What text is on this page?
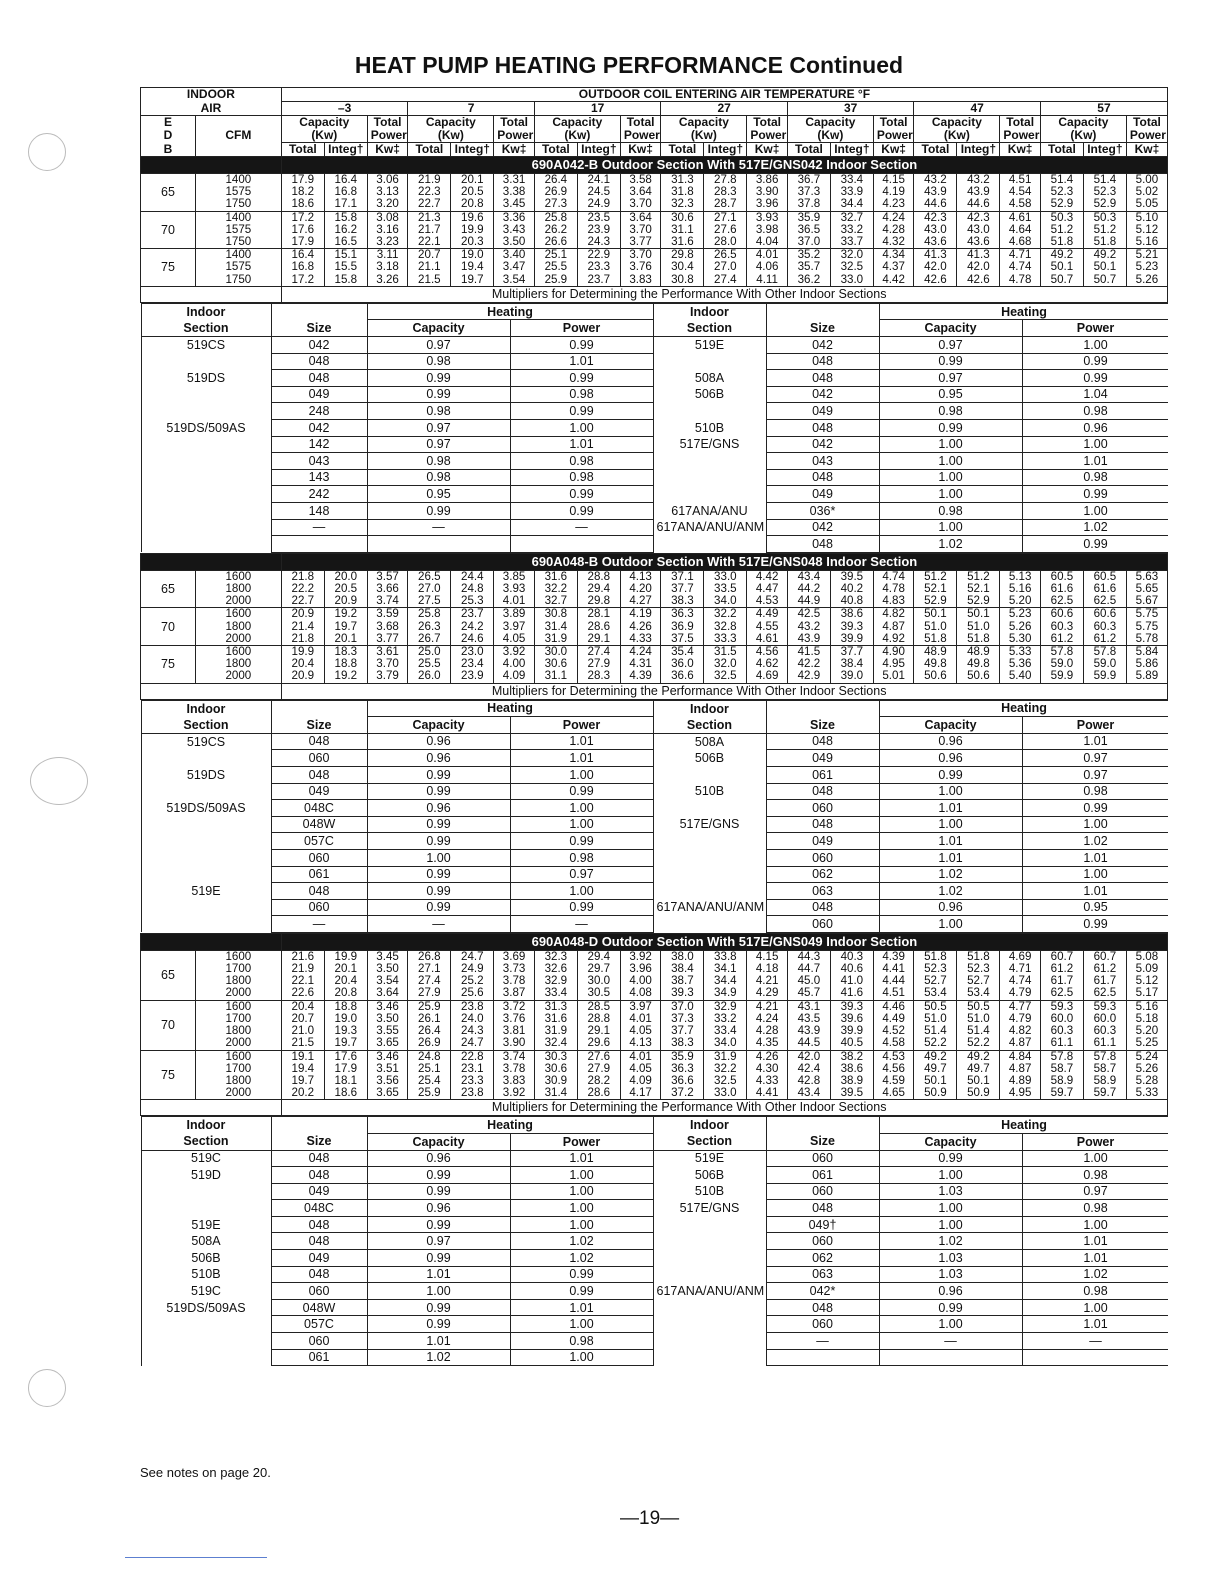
HEAT PUMP HEATING PERFORMANCE Continued
INDOOR	OUTDOOR COIL ENTERING AIR TEMPERATURE °F
AIR	–3	7	17	27	37	47	57
E		Capacity	Total	Capacity	Total	Capacity	Total	Capacity	Total	Capacity	Total	Capacity	Total	Capacity	Total
D	CFM	(Kw)	Power	(Kw)	Power	(Kw)	Power	(Kw)	Power	(Kw)	Power	(Kw)	Power	(Kw)	Power
B		Total	Integ†	Kw‡	Total	Integ†	Kw‡	Total	Integ†	Kw‡	Total	Integ†	Kw‡	Total	Integ†	Kw‡	Total	Integ†	Kw‡	Total	Integ†	Kw‡
	690A042-B Outdoor Section With 517E/GNS042 Indoor Section
65	1400	17.9	16.4	3.06	21.9	20.1	3.31	26.4	24.1	3.58	31.3	27.8	3.86	36.7	33.4	4.15	43.2	43.2	4.51	51.4	51.4	5.00
1575	18.2	16.8	3.13	22.3	20.5	3.38	26.9	24.5	3.64	31.8	28.3	3.90	37.3	33.9	4.19	43.9	43.9	4.54	52.3	52.3	5.02
1750	18.6	17.1	3.20	22.7	20.8	3.45	27.3	24.9	3.70	32.3	28.7	3.96	37.8	34.4	4.23	44.6	44.6	4.58	52.9	52.9	5.05
70	1400	17.2	15.8	3.08	21.3	19.6	3.36	25.8	23.5	3.64	30.6	27.1	3.93	35.9	32.7	4.24	42.3	42.3	4.61	50.3	50.3	5.10
1575	17.6	16.2	3.16	21.7	19.9	3.43	26.2	23.9	3.70	31.1	27.6	3.98	36.5	33.2	4.28	43.0	43.0	4.64	51.2	51.2	5.12
1750	17.9	16.5	3.23	22.1	20.3	3.50	26.6	24.3	3.77	31.6	28.0	4.04	37.0	33.7	4.32	43.6	43.6	4.68	51.8	51.8	5.16
75	1400	16.4	15.1	3.11	20.7	19.0	3.40	25.1	22.9	3.70	29.8	26.5	4.01	35.2	32.0	4.34	41.3	41.3	4.71	49.2	49.2	5.21
1575	16.8	15.5	3.18	21.1	19.4	3.47	25.5	23.3	3.76	30.4	27.0	4.06	35.7	32.5	4.37	42.0	42.0	4.74	50.1	50.1	5.23
1750	17.2	15.8	3.26	21.5	19.7	3.54	25.9	23.7	3.83	30.8	27.4	4.11	36.2	33.0	4.42	42.6	42.6	4.78	50.7	50.7	5.26
	Multipliers for Determining the Performance With Other Indoor Sections

Indoor		Heating	Indoor		Heating
Section	Size	Capacity	Power	Section	Size	Capacity	Power
519CS	042	0.97	0.99	519E	042	0.97	1.00
	048	0.98	1.01		048	0.99	0.99
519DS	048	0.99	0.99	508A	048	0.97	0.99
	049	0.99	0.98	506B	042	0.95	1.04
	248	0.98	0.99		049	0.98	0.98
519DS/509AS	042	0.97	1.00	510B	048	0.99	0.96
	142	0.97	1.01	517E/GNS	042	1.00	1.00
	043	0.98	0.98		043	1.00	1.01
	143	0.98	0.98		048	1.00	0.98
	242	0.95	0.99		049	1.00	0.99
	148	0.99	0.99	617ANA/ANU	036*	0.98	1.00
	—	—	—	617ANA/ANU/ANM	042	1.00	1.02
					048	1.02	0.99

	690A048-B Outdoor Section With 517E/GNS048 Indoor Section
65	1600	21.8	20.0	3.57	26.5	24.4	3.85	31.6	28.8	4.13	37.1	33.0	4.42	43.4	39.5	4.74	51.2	51.2	5.13	60.5	60.5	5.63
1800	22.2	20.5	3.66	27.0	24.8	3.93	32.2	29.4	4.20	37.7	33.5	4.47	44.2	40.2	4.78	52.1	52.1	5.16	61.6	61.6	5.65
2000	22.7	20.9	3.74	27.5	25.3	4.01	32.7	29.8	4.27	38.3	34.0	4.53	44.9	40.8	4.83	52.9	52.9	5.20	62.5	62.5	5.67
70	1600	20.9	19.2	3.59	25.8	23.7	3.89	30.8	28.1	4.19	36.3	32.2	4.49	42.5	38.6	4.82	50.1	50.1	5.23	60.6	60.6	5.75
1800	21.4	19.7	3.68	26.3	24.2	3.97	31.4	28.6	4.26	36.9	32.8	4.55	43.2	39.3	4.87	51.0	51.0	5.26	60.3	60.3	5.75
2000	21.8	20.1	3.77	26.7	24.6	4.05	31.9	29.1	4.33	37.5	33.3	4.61	43.9	39.9	4.92	51.8	51.8	5.30	61.2	61.2	5.78
75	1600	19.9	18.3	3.61	25.0	23.0	3.92	30.0	27.4	4.24	35.4	31.5	4.56	41.5	37.7	4.90	48.9	48.9	5.33	57.8	57.8	5.84
1800	20.4	18.8	3.70	25.5	23.4	4.00	30.6	27.9	4.31	36.0	32.0	4.62	42.2	38.4	4.95	49.8	49.8	5.36	59.0	59.0	5.86
2000	20.9	19.2	3.79	26.0	23.9	4.09	31.1	28.3	4.39	36.6	32.5	4.69	42.9	39.0	5.01	50.6	50.6	5.40	59.9	59.9	5.89
	Multipliers for Determining the Performance With Other Indoor Sections

Indoor		Heating	Indoor		Heating
Section	Size	Capacity	Power	Section	Size	Capacity	Power
519CS	048	0.96	1.01	508A	048	0.96	1.01
	060	0.96	1.01	506B	049	0.96	0.97
519DS	048	0.99	1.00		061	0.99	0.97
	049	0.99	0.99	510B	048	1.00	0.98
519DS/509AS	048C	0.96	1.00		060	1.01	0.99
	048W	0.99	1.00	517E/GNS	048	1.00	1.00
	057C	0.99	0.99		049	1.01	1.02
	060	1.00	0.98		060	1.01	1.01
	061	0.99	0.97		062	1.02	1.00
519E	048	0.99	1.00		063	1.02	1.01
	060	0.99	0.99	617ANA/ANU/ANM	048	0.96	0.95
	—	—	—		060	1.00	0.99

	690A048-D Outdoor Section With 517E/GNS049 Indoor Section
65	1600	21.6	19.9	3.45	26.8	24.7	3.69	32.3	29.4	3.92	38.0	33.8	4.15	44.3	40.3	4.39	51.8	51.8	4.69	60.7	60.7	5.08
1700	21.9	20.1	3.50	27.1	24.9	3.73	32.6	29.7	3.96	38.4	34.1	4.18	44.7	40.6	4.41	52.3	52.3	4.71	61.2	61.2	5.09
1800	22.1	20.4	3.54	27.4	25.2	3.78	32.9	30.0	4.00	38.7	34.4	4.21	45.0	41.0	4.44	52.7	52.7	4.74	61.7	61.7	5.12
2000	22.6	20.8	3.64	27.9	25.6	3.87	33.4	30.5	4.08	39.3	34.9	4.29	45.7	41.6	4.51	53.4	53.4	4.79	62.5	62.5	5.17
70	1600	20.4	18.8	3.46	25.9	23.8	3.72	31.3	28.5	3.97	37.0	32.9	4.21	43.1	39.3	4.46	50.5	50.5	4.77	59.3	59.3	5.16
1700	20.7	19.0	3.50	26.1	24.0	3.76	31.6	28.8	4.01	37.3	33.2	4.24	43.5	39.6	4.49	51.0	51.0	4.79	60.0	60.0	5.18
1800	21.0	19.3	3.55	26.4	24.3	3.81	31.9	29.1	4.05	37.7	33.4	4.28	43.9	39.9	4.52	51.4	51.4	4.82	60.3	60.3	5.20
2000	21.5	19.7	3.65	26.9	24.7	3.90	32.4	29.6	4.13	38.3	34.0	4.35	44.5	40.5	4.58	52.2	52.2	4.87	61.1	61.1	5.25
75	1600	19.1	17.6	3.46	24.8	22.8	3.74	30.3	27.6	4.01	35.9	31.9	4.26	42.0	38.2	4.53	49.2	49.2	4.84	57.8	57.8	5.24
1700	19.4	17.9	3.51	25.1	23.1	3.78	30.6	27.9	4.05	36.3	32.2	4.30	42.4	38.6	4.56	49.7	49.7	4.87	58.7	58.7	5.26
1800	19.7	18.1	3.56	25.4	23.3	3.83	30.9	28.2	4.09	36.6	32.5	4.33	42.8	38.9	4.59	50.1	50.1	4.89	58.9	58.9	5.28
2000	20.2	18.6	3.65	25.9	23.8	3.92	31.4	28.6	4.17	37.2	33.0	4.41	43.4	39.5	4.65	50.9	50.9	4.95	59.7	59.7	5.33
	Multipliers for Determining the Performance With Other Indoor Sections

Indoor		Heating	Indoor		Heating
Section	Size	Capacity	Power	Section	Size	Capacity	Power
519C	048	0.96	1.01	519E	060	0.99	1.00
519D	048	0.99	1.00	506B	061	1.00	0.98
	049	0.99	1.00	510B	060	1.03	0.97
	048C	0.96	1.00	517E/GNS	048	1.00	0.98
519E	048	0.99	1.00		049†	1.00	1.00
508A	048	0.97	1.02		060	1.02	1.01
506B	049	0.99	1.02		062	1.03	1.01
510B	048	1.01	0.99		063	1.03	1.02
519C	060	1.00	0.99	617ANA/ANU/ANM	042*	0.96	0.98
519DS/509AS	048W	0.99	1.01		048	0.99	1.00
	057C	0.99	1.00		060	1.00	1.01
	060	1.01	0.98		—	—	—
	061	1.02	1.00				
See notes on page 20.
—19—
